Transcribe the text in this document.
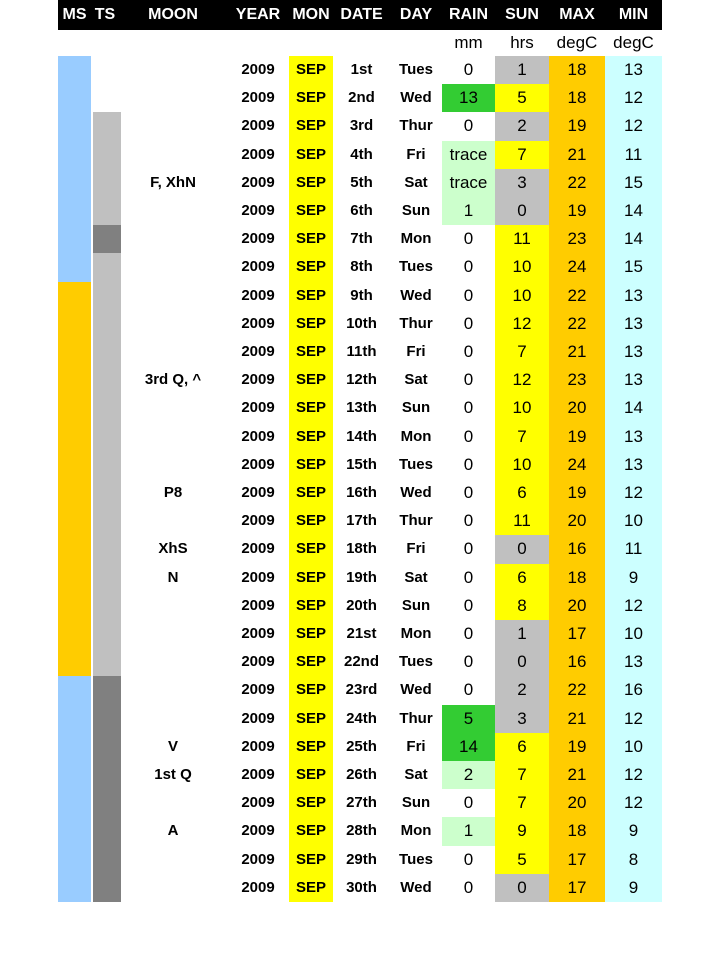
MS TS	MOON	YEAR MON DATE	DAY	RAIN	SUN	MAX	MIN
mm	hrs	degC degC
2009	SEP	1st	Tues	0	1	18	13
2009	SEP	2nd	Wed	13	5	18	12
2009	SEP	3rd	Thur	0	2	19	12
2009	SEP	4th	Fri	trace	7	21	11
F, XhN	2009	SEP	5th	Sat	trace	3	22	15
2009	SEP	6th	Sun	1	0	19	14
2009	SEP	7th	Mon	0	11	23	14
2009	SEP	8th	Tues	0	10	24	15
2009	SEP	9th	Wed	0	10	22	13
2009	SEP	10th	Thur	0	12	22	13
2009	SEP	11th	Fri	0	7	21	13
3rd Q, ^	2009	SEP	12th	Sat	0	12	23	13
2009	SEP	13th	Sun	0	10	20	14
2009	SEP	14th	Mon	0	7	19	13
2009	SEP	15th	Tues	0	10	24	13
P8	2009	SEP	16th	Wed	0	6	19	12
2009	SEP	17th	Thur	0	11	20	10
XhS	2009	SEP	18th	Fri	0	0	16	11
N	2009	SEP	19th	Sat	0	6	18	9
2009	SEP	20th	Sun	0	8	20	12
2009	SEP	21st	Mon	0	1	17	10
2009	SEP	22nd	Tues	0	0	16	13
2009	SEP	23rd	Wed	0	2	22	16
2009	SEP	24th	Thur	5	3	21	12
V	2009	SEP	25th	Fri	14	6	19	10
1st Q	2009	SEP	26th	Sat	2	7	21	12
2009	SEP	27th	Sun	0	7	20	12
A	2009	SEP	28th	Mon	1	9	18	9
2009	SEP	29th	Tues	0	5	17	8
2009	SEP	30th	Wed	0	0	17	9
